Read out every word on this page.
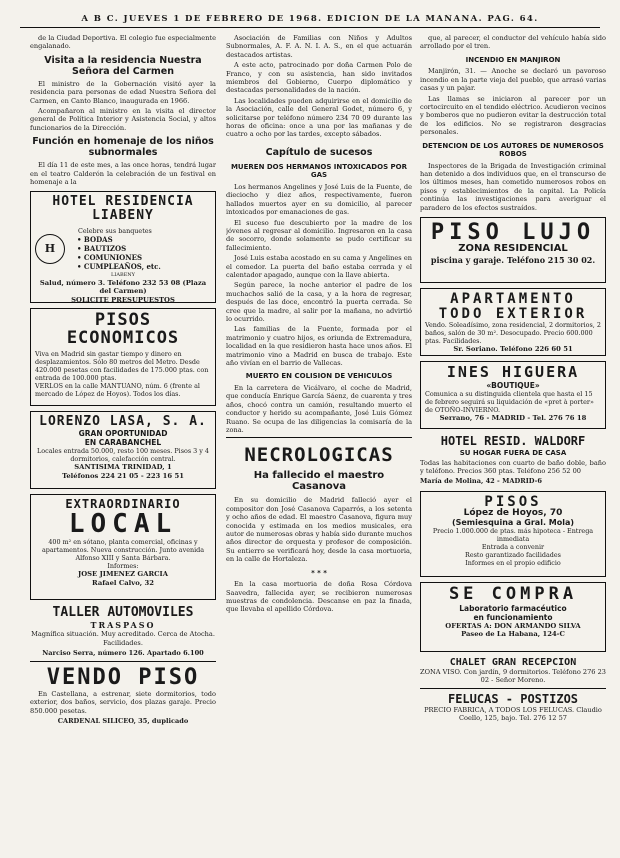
A B C. JUEVES 1 DE FEBRERO DE 1968. EDICION DE LA MAÑANA. PAG. 64.

de la Ciudad Deportiva. El colegio fue especialmente engalanado.

Visita a la residencia Nuestra Señora del Carmen

El ministro de la Gobernación visitó ayer la residencia para personas de edad Nuestra Señora del Carmen, en Canto Blanco, inaugurada en 1966.

Acompañaron al ministro en la visita el director general de Política Interior y Asistencia Social, y altos funcionarios de la Dirección.

Función en homenaje de los niños subnormales

El día 11 de este mes, a las once horas, tendrá lugar en el teatro Calderón la celebración de un festival en homenaje a la

HOTEL RESIDENCIA LIABENY
H
Celebre sus banquetes
• BODAS
• BAUTIZOS
• COMUNIONES
• CUMPLEAÑOS, etc.
LIABENY
Salud, número 3. Teléfono 232 53 08 (Plaza del Carmen)
SOLICITE PRESUPUESTOS
PISOS ECONOMICOS
Viva en Madrid sin gastar tiempo y dinero en desplazamientos. Sólo 80 metros del Metro. Desde 420.000 pesetas con facilidades de 175.000 ptas. con entrada de 100.000 ptas.
VERLOS en la calle MANTUANO, núm. 6 (frente al mercado de López de Hoyos). Todos los días.
LORENZO LASA, S. A.
GRAN OPORTUNIDAD
EN CARABANCHEL
Locales entrada 50.000, resto 100 meses. Pisos 3 y 4 dormitorios, calefacción central.
SANTISIMA TRINIDAD, 1
Teléfonos 224 21 05 - 223 16 51
EXTRAORDINARIO
LOCAL
400 m² en sótano, planta comercial, oficinas y apartamentos. Nueva construcción. Junto avenida Alfonso XIII y Santa Bárbara.
Informes:
JOSE JIMENEZ GARCIA
Rafael Calvo, 32
TALLER AUTOMOVILES
TRASPASO
Magnífica situación. Muy acreditado. Cerca de Atocha. Facilidades.
Narciso Serra, número 126. Apartado 6.100
VENDO PISO
En Castellana, a estrenar, siete dormitorios, todo exterior, dos baños, servicio, dos plazas garaje. Precio 850.000 pesetas.
CARDENAL SILICEO, 35, duplicado

Asociación de Familias con Niños y Adultos Subnormales, A. F. A. N. I. A. S., en el que actuarán destacados artistas.

A este acto, patrocinado por doña Carmen Polo de Franco, y con su asistencia, han sido invitados miembros del Gobierno, Cuerpo diplomático y destacadas personalidades de la nación.

Las localidades pueden adquirirse en el domicilio de la Asociación, calle del General Godet, número 6, y solicitarse por teléfono número 234 70 09 durante las horas de oficina: once a una por las mañanas y de cuatro a ocho por las tardes, excepto sábados.

Capítulo de sucesos
MUEREN DOS HERMANOS INTOXICADOS POR GAS

Los hermanos Angelines y José Luis de la Fuente, de dieciocho y diez años, respectivamente, fueron hallados muertos ayer en su domicilio, al parecer intoxicados por emanaciones de gas.

El suceso fue descubierto por la madre de los jóvenes al regresar al domicilio. Ingresaron en la casa de socorro, donde solamente se pudo certificar su fallecimiento.

José Luis estaba acostado en su cama y Angelines en el comedor. La puerta del baño estaba cerrada y el calentador apagado, aunque con la llave abierta.

Según parece, la noche anterior el padre de los muchachos salió de la casa, y a la hora de regresar, después de las doce, encontró la puerta cerrada. Se cree que la madre, al salir por la mañana, no advirtió lo ocurrido.

Las familias de la Fuente, formada por el matrimonio y cuatro hijos, es oriunda de Extremadura, localidad en la que residieron hasta hace unos años. El matrimonio vino a Madrid en busca de trabajo. Este año vivían en el barrio de Vallecas.

MUERTO EN COLISION DE VEHICULOS

En la carretera de Vicálvaro, el coche de Madrid, que conducía Enrique García Sáenz, de cuarenta y tres años, chocó contra un camión, resultando muerto el conductor y herido su acompañante, José Luis Gómez Ruano. Se ocupa de las diligencias la comisaría de la zona.

NECROLOGICAS
Ha fallecido el maestro
Casanova

En su domicilio de Madrid falleció ayer el compositor don José Casanova Caparrós, a los setenta y ocho años de edad. El maestro Casanova, figura muy conocida y estimada en los medios musicales, era autor de numerosas obras y había sido durante muchos años director de orquesta y profesor de composición. Su entierro se verificará hoy, desde la casa mortuoria, en la calle de Hortaleza.

* * *

En la casa mortuoria de doña Rosa Córdova Saavedra, fallecida ayer, se recibieron numerosas muestras de condolencia. Descanse en paz la finada, que llevaba el apellido Córdova.

que, al parecer, el conductor del vehículo había sido arrollado por el tren.

INCENDIO EN MANJIRON

Manjirón, 31. — Anoche se declaró un pavoroso incendio en la parte vieja del pueblo, que arrasó varias casas y un pajar.

Las llamas se iniciaron al parecer por un cortocircuito en el tendido eléctrico. Acudieron vecinos y bomberos que no pudieron evitar la destrucción total de los edificios. No se registraron desgracias personales.

DETENCION DE LOS AUTORES DE NUMEROSOS ROBOS

Inspectores de la Brigada de Investigación criminal han detenido a dos individuos que, en el transcurso de los últimos meses, han cometido numerosos robos en pisos y establecimientos de la capital. La Policía continúa las investigaciones para averiguar el paradero de los efectos sustraídos.

PISO LUJO
ZONA RESIDENCIAL
piscina y garaje. Teléfono 215 30 02.
APARTAMENTO
TODO EXTERIOR
Vendo. Soleadísimo, zona residencial, 2 dormitorios, 2 baños, salón de 30 m². Desocupado. Precio 600.000 ptas. Facilidades.
Sr. Soriano. Teléfono 226 60 51
INES HIGUERA
«BOUTIQUE»
Comunica a su distinguida clientela que hasta el 15 de febrero seguirá su liquidación de «pret à porter» de OTOÑO-INVIERNO.
Serrano, 76 - MADRID - Tel. 276 76 18
HOTEL RESID. WALDORF
SU HOGAR FUERA DE CASA
Todas las habitaciones con cuarto de baño doble, baño y teléfono. Precios 360 ptas. Teléfono 256 52 00
María de Molina, 42 - MADRID-6
PISOS
López de Hoyos, 70
(Semiesquina a Gral. Mola)
Precio 1.000.000 de ptas. más hipoteca - Entrega inmediata
Entrada a convenir
Resto garantizado facilidades
Informes en el propio edificio
SE COMPRA
Laboratorio farmacéutico
en funcionamiento
OFERTAS A: DON ARMANDO SILVA
Paseo de La Habana, 124-C
CHALET GRAN RECEPCION
ZONA VISO. Con jardín, 9 dormitorios. Teléfono 276 23 02 - Señor Moreno.
FELUCAS - POSTIZOS
PRECIO FABRICA, A TODOS LOS FELUCAS. Claudio Coello, 125, bajo. Tel. 276 12 57
